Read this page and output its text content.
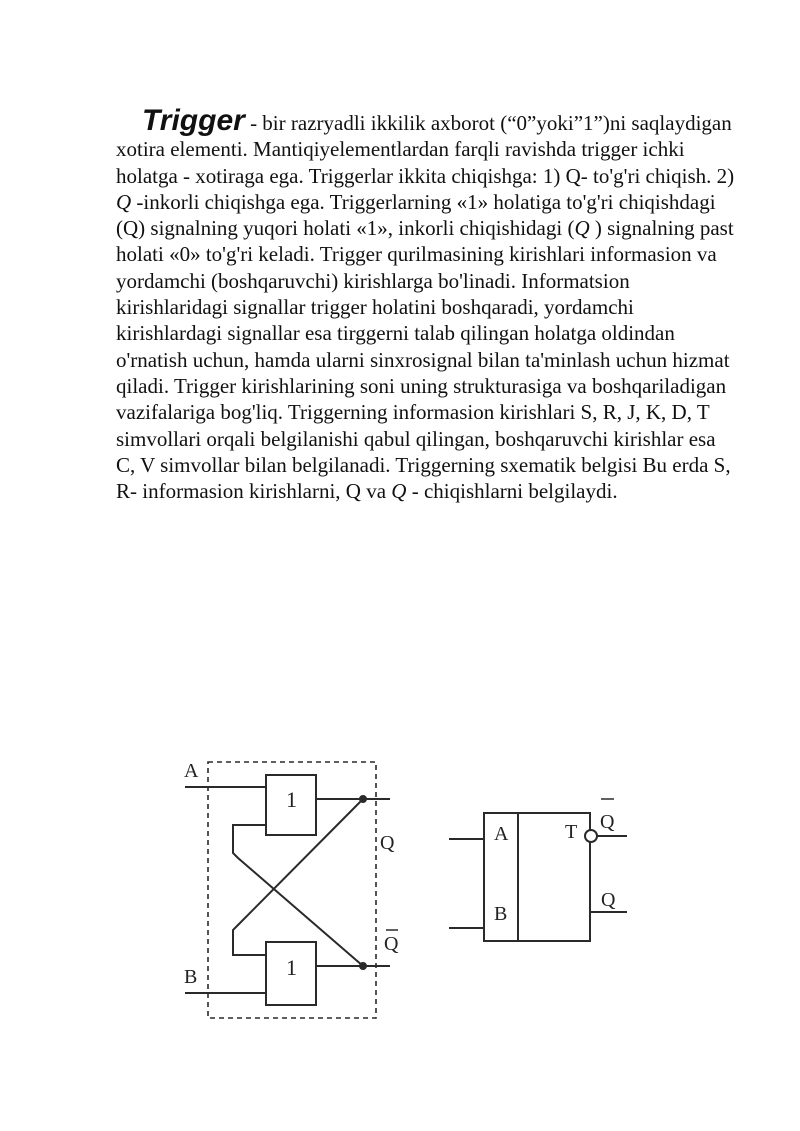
Trigger - bir razryadli ikkilik axborot (“0”yoki”1”)ni saqlaydigan xotira elementi. Mantiqiyelementlardan farqli ravishda trigger ichki holatga - xotiraga ega. Triggerlar ikkita chiqishga: 1) Q- to'g'ri chiqish. 2) Q -inkorli chiqishga ega. Triggerlarning «1» holatiga to'g'ri chiqishdagi (Q) signalning yuqori holati «1», inkorli chiqishidagi (Q ) signalning past holati «0» to'g'ri keladi. Trigger qurilmasining kirishlari informasion va yordamchi (boshqaruvchi) kirishlarga bo'linadi. Informatsion kirishlaridagi signallar trigger holatini boshqaradi, yordamchi kirishlardagi signallar esa tirggerni talab qilingan holatga oldindan o'rnatish uchun, hamda ularni sinxrosignal bilan ta'minlash uchun hizmat qiladi. Trigger kirishlarining soni uning strukturasiga va boshqariladigan vazifalariga bog'liq. Triggerning informasion kirishlari S, R, J, K, D, T simvollari orqali belgilanishi qabul qilingan, boshqaruvchi kirishlar esa C, V simvollar bilan belgilanadi. Triggerning sxematik belgisi Bu erda S, R- informasion kirishlarni, Q va Q - chiqishlarni belgilaydi.

A
B
1
1
Q
Q
A
B
T Q
Q
